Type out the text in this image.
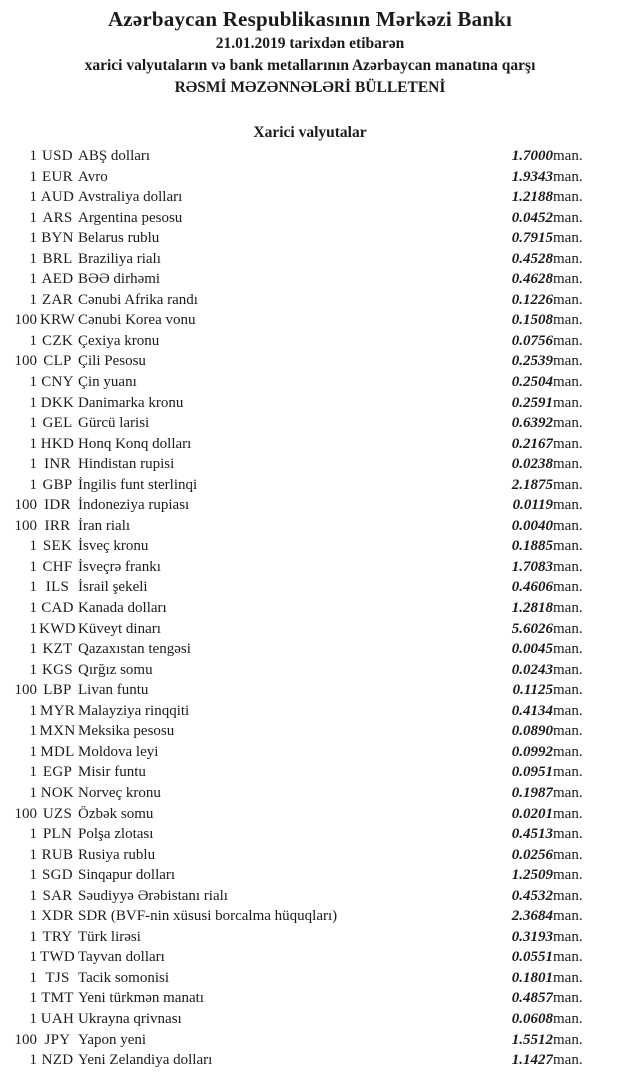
Azərbaycan Respublikasının Mərkəzi Bankı
21.01.2019 tarixdən etibarən
xarici valyutaların və bank metallarının Azərbaycan manatına qarşı
RƏSMİ MƏZƏNNƏLƏRİ BÜLLETENİ
Xarici valyutalar
1	USD	ABŞ dolları	1.7000	man.
1	EUR	Avro	1.9343	man.
1	AUD	Avstraliya dolları	1.2188	man.
1	ARS	Argentina pesosu	0.0452	man.
1	BYN	Belarus rublu	0.7915	man.
1	BRL	Braziliya rialı	0.4528	man.
1	AED	BƏƏ dirhəmi	0.4628	man.
1	ZAR	Cənubi Afrika randı	0.1226	man.
100	KRW	Cənubi Korea vonu	0.1508	man.
1	CZK	Çexiya kronu	0.0756	man.
100	CLP	Çili Pesosu	0.2539	man.
1	CNY	Çin yuanı	0.2504	man.
1	DKK	Danimarka kronu	0.2591	man.
1	GEL	Gürcü larisi	0.6392	man.
1	HKD	Honq Konq dolları	0.2167	man.
1	INR	Hindistan rupisi	0.0238	man.
1	GBP	İngilis funt sterlinqi	2.1875	man.
100	IDR	İndoneziya rupiası	0.0119	man.
100	IRR	İran rialı	0.0040	man.
1	SEK	İsveç kronu	0.1885	man.
1	CHF	İsveçrə frankı	1.7083	man.
1	ILS	İsrail şekeli	0.4606	man.
1	CAD	Kanada dolları	1.2818	man.
1	KWD	Küveyt dinarı	5.6026	man.
1	KZT	Qazaxıstan tengəsi	0.0045	man.
1	KGS	Qırğız somu	0.0243	man.
100	LBP	Livan funtu	0.1125	man.
1	MYR	Malayziya rinqqiti	0.4134	man.
1	MXN	Meksika pesosu	0.0890	man.
1	MDL	Moldova leyi	0.0992	man.
1	EGP	Misir funtu	0.0951	man.
1	NOK	Norveç kronu	0.1987	man.
100	UZS	Özbək somu	0.0201	man.
1	PLN	Polşa zlotası	0.4513	man.
1	RUB	Rusiya rublu	0.0256	man.
1	SGD	Sinqapur dolları	1.2509	man.
1	SAR	Səudiyyə Ərəbistanı rialı	0.4532	man.
1	XDR	SDR (BVF-nin xüsusi borcalma hüquqları)	2.3684	man.
1	TRY	Türk lirəsi	0.3193	man.
1	TWD	Tayvan dolları	0.0551	man.
1	TJS	Tacik somonisi	0.1801	man.
1	TMT	Yeni türkmən manatı	0.4857	man.
1	UAH	Ukrayna qrivnası	0.0608	man.
100	JPY	Yapon yeni	1.5512	man.
1	NZD	Yeni Zelandiya dolları	1.1427	man.
